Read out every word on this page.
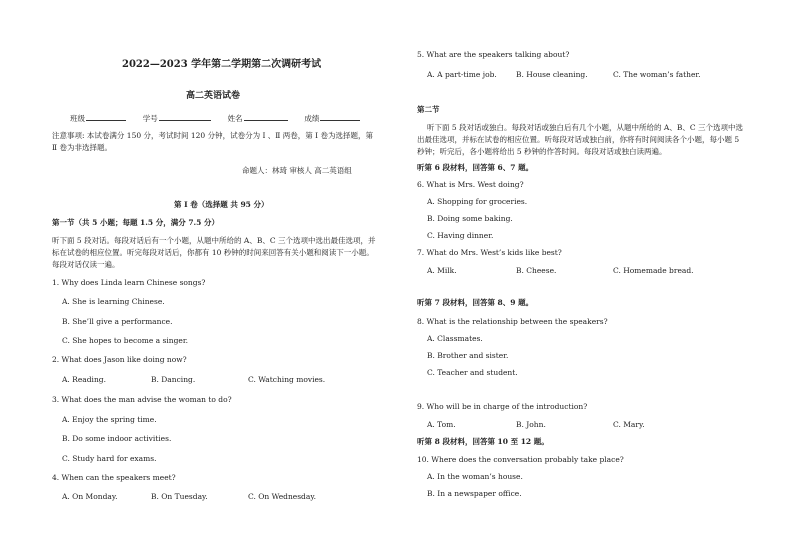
2022—2023 学年第二学期第二次调研考试
高二英语试卷
班级	学号	姓名	成绩
注意事项: 本试卷满分 150 分，考试时间 120 分钟，试卷分为 Ⅰ 、Ⅱ 两卷，第 Ⅰ 卷为选择题，第 Ⅱ 卷为非选择题。
命题人：林琦 审核人 高二英语组
第 Ⅰ 卷（选择题 共 95 分）
第一节（共 5 小题；每题 1.5 分，满分 7.5 分）
听下面 5 段对话。每段对话后有一个小题，从题中所给的 A、B、C 三个选项中选出最佳选项，并标在试卷的相应位置。听完每段对话后，你都有 10 秒钟的时间来回答有关小题和阅读下一小题。每段对话仅读一遍。
1. Why does Linda learn Chinese songs?
A. She is learning Chinese.
B. She’ll give a performance.
C. She hopes to become a singer.
2. What does Jason like doing now?
A. Reading.	B. Dancing.	C. Watching movies.
3. What does the man advise the woman to do?
A. Enjoy the spring time.
B. Do some indoor activities.
C. Study hard for exams.
4. When can the speakers meet?
A. On Monday.	B. On Tuesday.	C. On Wednesday.
5. What are the speakers talking about?
A. A part-time job.	B. House cleaning.	C. The woman’s father.
第二节
听下面 5 段对话或独白。每段对话或独白后有几个小题，从题中所给的 A、B、C 三个选项中选出最佳选项，并标在试卷的相应位置。听每段对话或独白前，你将有时间阅读各个小题，每小题 5 秒钟；听完后，各小题将给出 5 秒钟的作答时间。每段对话或独白读两遍。
听第 6 段材料，回答第 6、7 题。
6. What is Mrs. West doing?
A. Shopping for groceries.
B. Doing some baking.
C. Having dinner.
7. What do Mrs. West’s kids like best?
A. Milk.	B. Cheese.	C. Homemade bread.
听第 7 段材料，回答第 8、9 题。
8. What is the relationship between the speakers?
A. Classmates.
B. Brother and sister.
C. Teacher and student.
9. Who will be in charge of the introduction?
A. Tom.	B. John.	C. Mary.
听第 8 段材料，回答第 10 至 12 题。
10. Where does the conversation probably take place?
A. In the woman’s house.
B. In a newspaper office.
